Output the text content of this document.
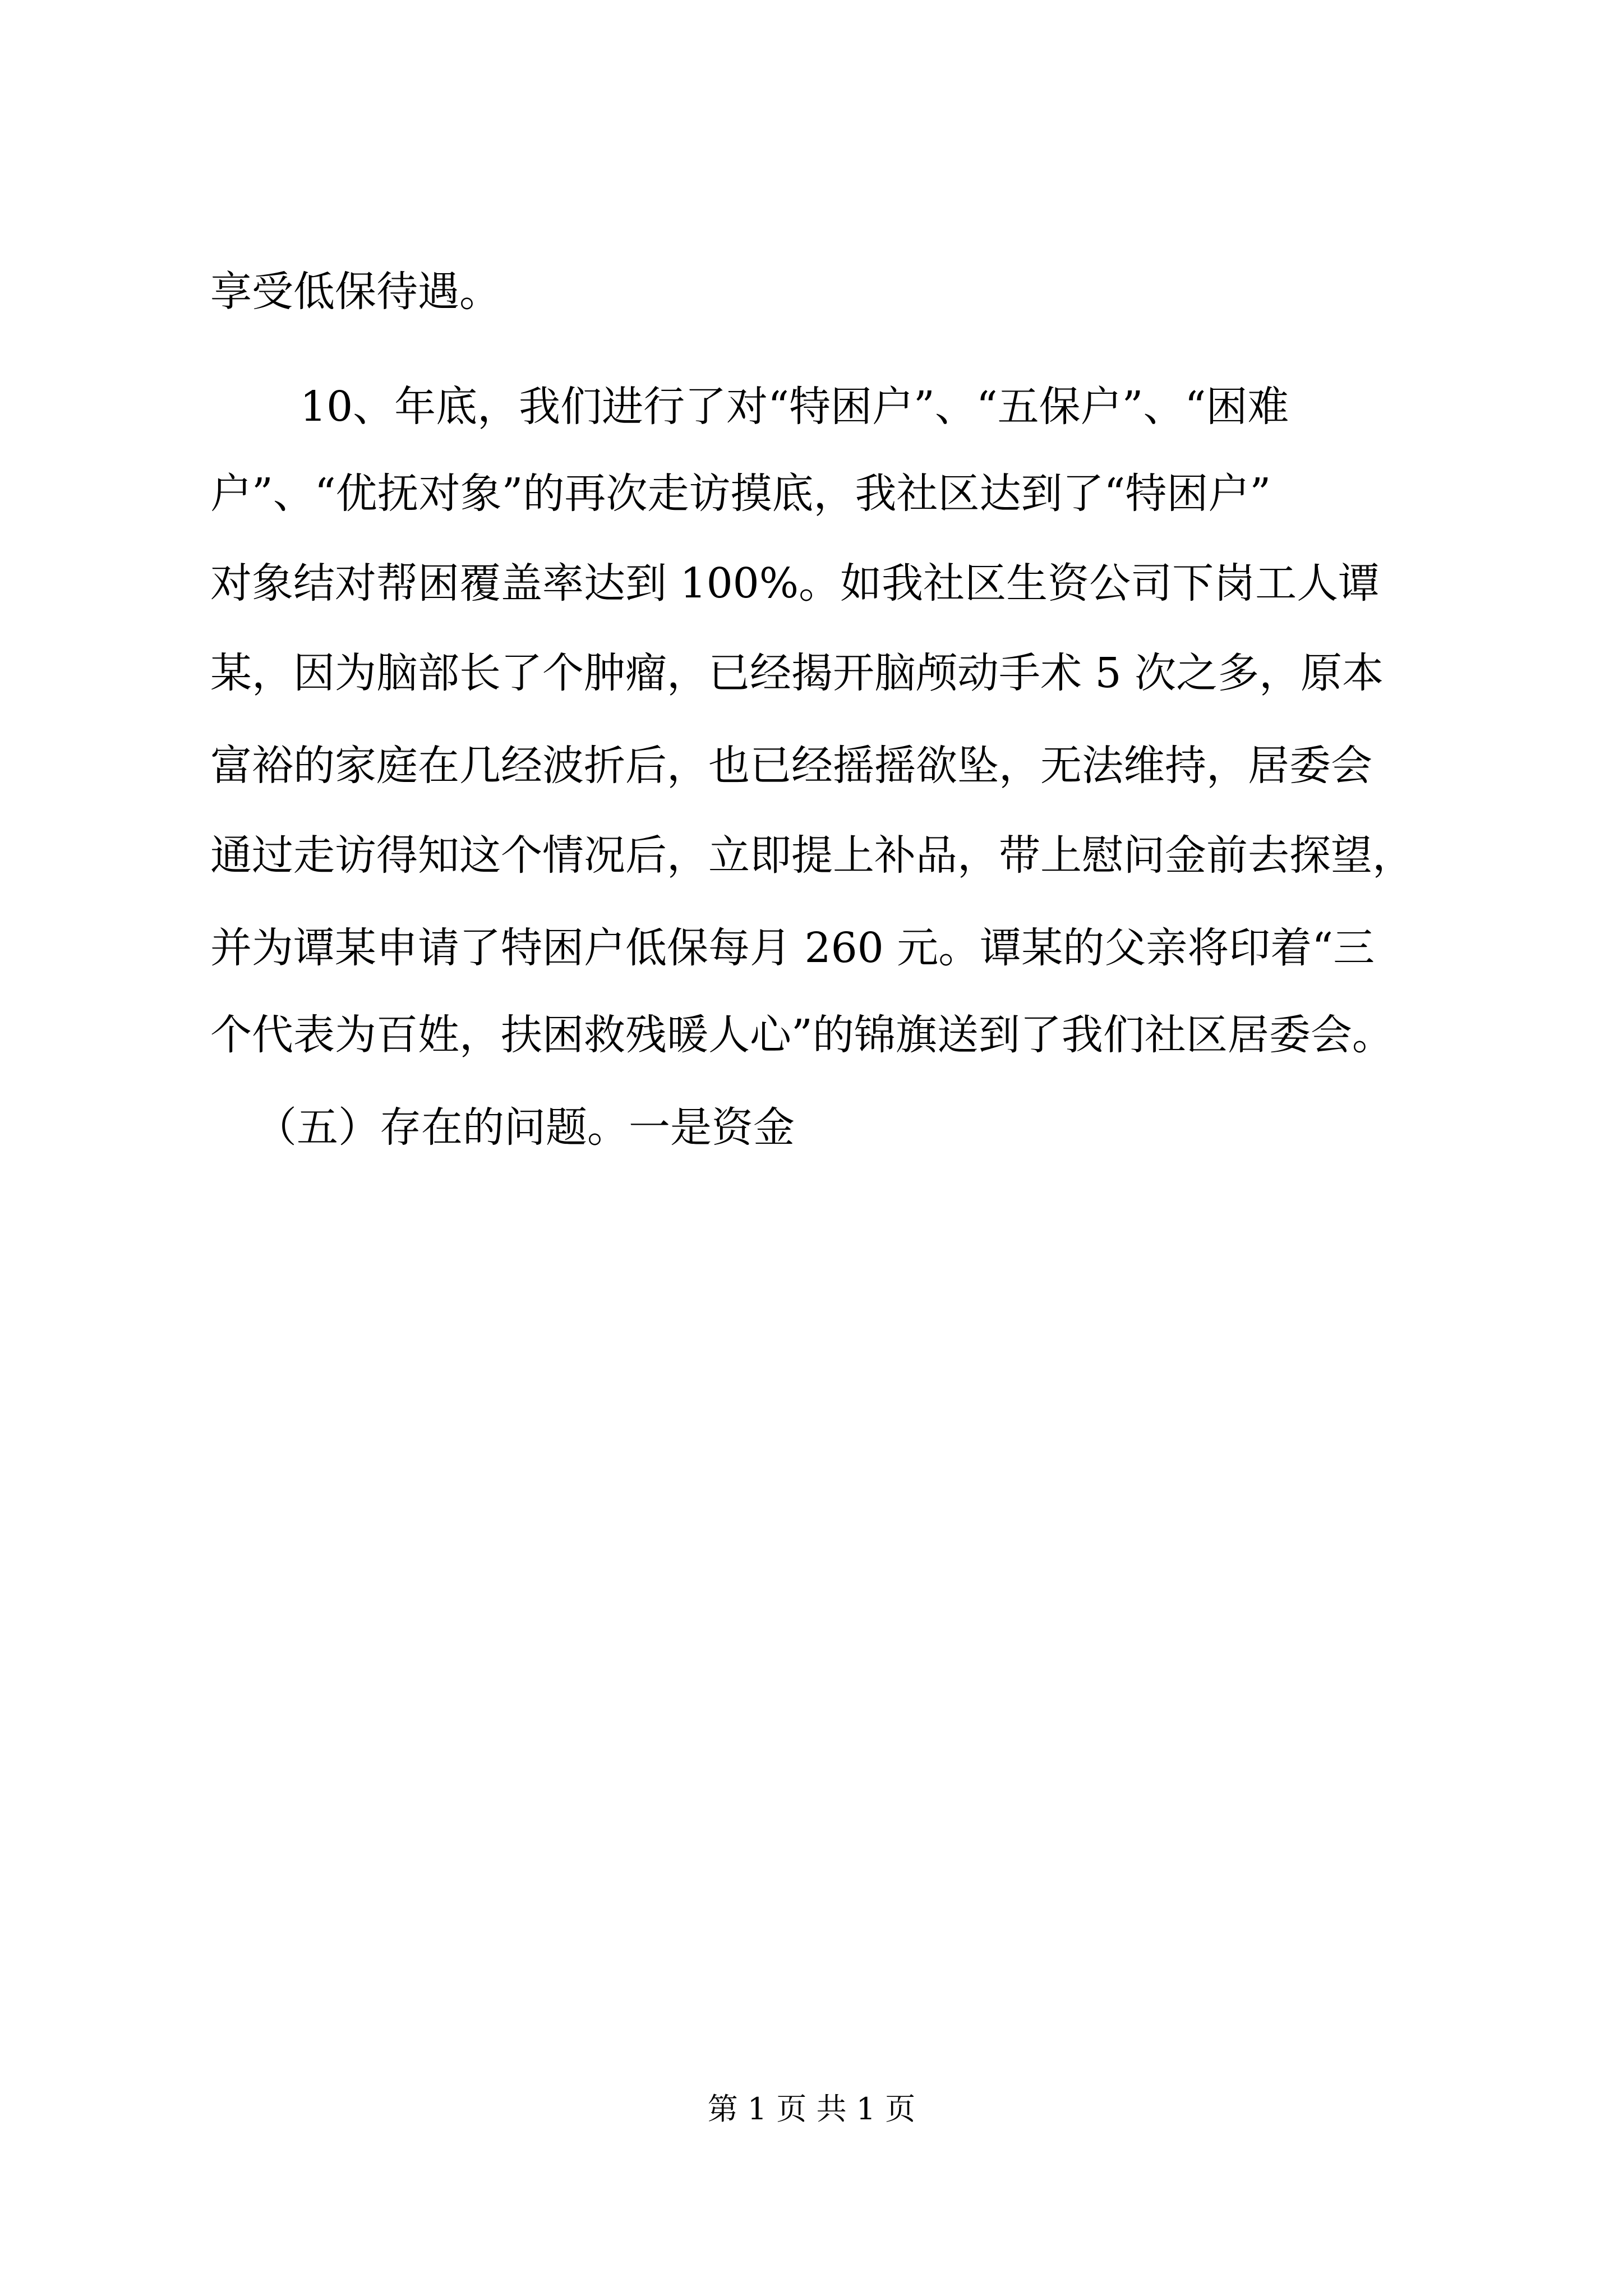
享受低保待遇。
10、年底，我们进行了对“特困户”、“五保户”、“困难
户”、“优抚对象”的再次走访摸底，我社区达到了“特困户”
对象结对帮困覆盖率达到 100%。如我社区生资公司下岗工人谭
某，因为脑部长了个肿瘤，已经揭开脑颅动手术 5 次之多，原本
富裕的家庭在几经波折后，也已经摇摇欲坠，无法维持，居委会
通过走访得知这个情况后，立即提上补品，带上慰问金前去探望，
并为谭某申请了特困户低保每月 260 元。谭某的父亲将印着“三
个代表为百姓，扶困救残暖人心”的锦旗送到了我们社区居委会。
（五）存在的问题。一是资金
第 1 页 共 1 页
